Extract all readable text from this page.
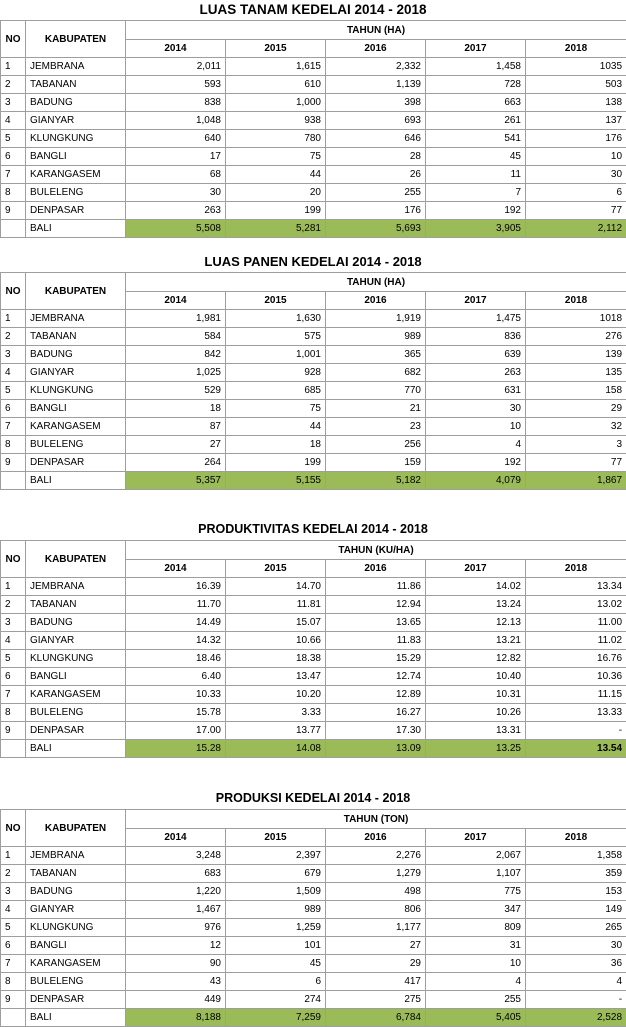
LUAS TANAM KEDELAI 2014 - 2018
NO	KABUPATEN	TAHUN (HA)				
		2014	2015	2016	2017	2018
1	JEMBRANA	2,011	1,615	2,332	1,458	1035
2	TABANAN	593	610	1,139	728	503
3	BADUNG	838	1,000	398	663	138
4	GIANYAR	1,048	938	693	261	137
5	KLUNGKUNG	640	780	646	541	176
6	BANGLI	17	75	28	45	10
7	KARANGASEM	68	44	26	11	30
8	BULELENG	30	20	255	7	6
9	DENPASAR	263	199	176	192	77
	BALI	5,508	5,281	5,693	3,905	2,112
LUAS PANEN KEDELAI 2014 - 2018
NO	KABUPATEN	TAHUN (HA)				
		2014	2015	2016	2017	2018
1	JEMBRANA	1,981	1,630	1,919	1,475	1018
2	TABANAN	584	575	989	836	276
3	BADUNG	842	1,001	365	639	139
4	GIANYAR	1,025	928	682	263	135
5	KLUNGKUNG	529	685	770	631	158
6	BANGLI	18	75	21	30	29
7	KARANGASEM	87	44	23	10	32
8	BULELENG	27	18	256	4	3
9	DENPASAR	264	199	159	192	77
	BALI	5,357	5,155	5,182	4,079	1,867
PRODUKTIVITAS KEDELAI 2014 - 2018
NO	KABUPATEN	TAHUN (KU/HA)				
		2014	2015	2016	2017	2018
1	JEMBRANA	16.39	14.70	11.86	14.02	13.34
2	TABANAN	11.70	11.81	12.94	13.24	13.02
3	BADUNG	14.49	15.07	13.65	12.13	11.00
4	GIANYAR	14.32	10.66	11.83	13.21	11.02
5	KLUNGKUNG	18.46	18.38	15.29	12.82	16.76
6	BANGLI	6.40	13.47	12.74	10.40	10.36
7	KARANGASEM	10.33	10.20	12.89	10.31	11.15
8	BULELENG	15.78	3.33	16.27	10.26	13.33
9	DENPASAR	17.00	13.77	17.30	13.31	-
	BALI	15.28	14.08	13.09	13.25	13.54
PRODUKSI KEDELAI 2014 - 2018
NO	KABUPATEN	TAHUN (TON)				
		2014	2015	2016	2017	2018
1	JEMBRANA	3,248	2,397	2,276	2,067	1,358
2	TABANAN	683	679	1,279	1,107	359
3	BADUNG	1,220	1,509	498	775	153
4	GIANYAR	1,467	989	806	347	149
5	KLUNGKUNG	976	1,259	1,177	809	265
6	BANGLI	12	101	27	31	30
7	KARANGASEM	90	45	29	10	36
8	BULELENG	43	6	417	4	4
9	DENPASAR	449	274	275	255	-
	BALI	8,188	7,259	6,784	5,405	2,528
